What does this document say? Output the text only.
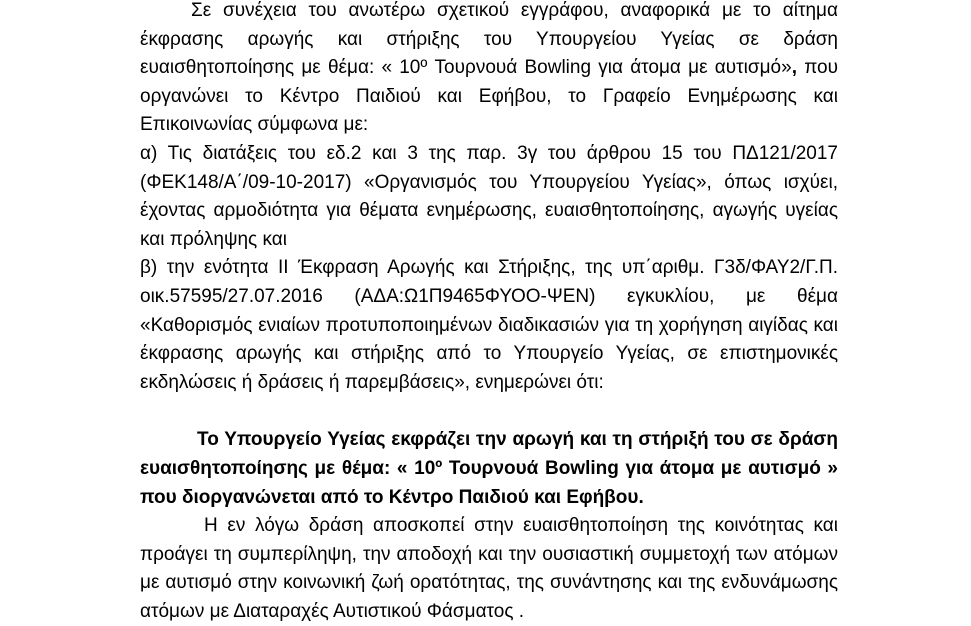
Σε συνέχεια του ανωτέρω σχετικού εγγράφου, αναφορικά με το αίτημα έκφρασης αρωγής και στήριξης του Υπουργείου Υγείας σε δράση ευαισθητοποίησης με θέμα: « 10º Τουρνουά Bowling για άτομα με αυτισμό», που οργανώνει το Κέντρο Παιδιού και Εφήβου, το Γραφείο Ενημέρωσης και Επικοινωνίας σύμφωνα με:

α) Τις διατάξεις του εδ.2 και 3 της παρ. 3γ του άρθρου 15 του ΠΔ121/2017 (ΦΕΚ148/Α΄/09-10-2017) «Οργανισμός του Υπουργείου Υγείας», όπως ισχύει, έχοντας αρμοδιότητα για θέματα ενημέρωσης, ευαισθητοποίησης, αγωγής υγείας και πρόληψης και

β) την ενότητα ΙΙ Έκφραση Αρωγής και Στήριξης, της υπ΄αριθμ. Γ3δ/ΦΑΥ2/Γ.Π. οικ.57595/27.07.2016 (ΑΔΑ:Ω1Π9465ΦΥΟΟ-ΨΕΝ) εγκυκλίου, με θέμα «Καθορισμός ενιαίων προτυποποιημένων διαδικασιών για τη χορήγηση αιγίδας και έκφρασης αρωγής και στήριξης από το Υπουργείο Υγείας, σε επιστημονικές εκδηλώσεις ή δράσεις ή παρεμβάσεις», ενημερώνει ότι:

Το Υπουργείο Υγείας εκφράζει την αρωγή και τη στήριξή του σε δράση ευαισθητοποίησης με θέμα: « 10º Τουρνουά Bowling για άτομα με αυτισμό » που διοργανώνεται από το Κέντρο Παιδιού και Εφήβου.

Η εν λόγω δράση αποσκοπεί στην ευαισθητοποίηση της κοινότητας και προάγει τη συμπερίληψη, την αποδοχή και την ουσιαστική συμμετοχή των ατόμων με αυτισμό στην κοινωνική ζωή ορατότητας, της συνάντησης και της ενδυνάμωσης ατόμων με Διαταραχές Αυτιστικού Φάσματος .
